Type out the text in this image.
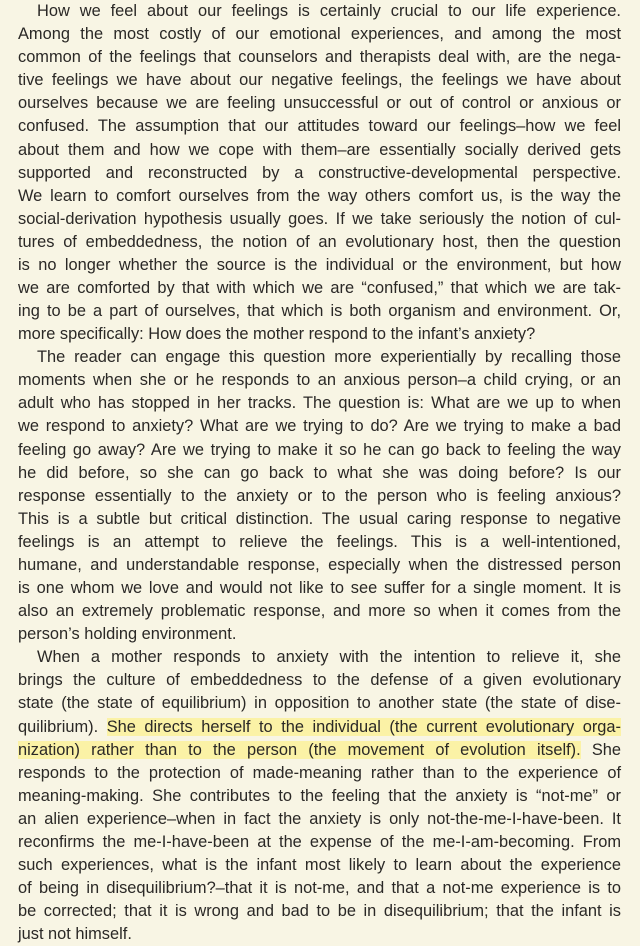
How we feel about our feelings is certainly crucial to our life experience.
Among the most costly of our emotional experiences, and among the most
common of the feelings that counselors and therapists deal with, are the nega-
tive feelings we have about our negative feelings, the feelings we have about
ourselves because we are feeling unsuccessful or out of control or anxious or
confused. The assumption that our attitudes toward our feelings–how we feel
about them and how we cope with them–are essentially socially derived gets
supported and reconstructed by a constructive-developmental perspective.
We learn to comfort ourselves from the way others comfort us, is the way the
social-derivation hypothesis usually goes. If we take seriously the notion of cul-
tures of embeddedness, the notion of an evolutionary host, then the question
is no longer whether the source is the individual or the environment, but how
we are comforted by that with which we are “confused,” that which we are tak-
ing to be a part of ourselves, that which is both organism and environment. Or,
more specifically: How does the mother respond to the infant’s anxiety?
The reader can engage this question more experientially by recalling those
moments when she or he responds to an anxious person–a child crying, or an
adult who has stopped in her tracks. The question is: What are we up to when
we respond to anxiety? What are we trying to do? Are we trying to make a bad
feeling go away? Are we trying to make it so he can go back to feeling the way
he did before, so she can go back to what she was doing before? Is our
response essentially to the anxiety or to the person who is feeling anxious?
This is a subtle but critical distinction. The usual caring response to negative
feelings is an attempt to relieve the feelings. This is a well-intentioned,
humane, and understandable response, especially when the distressed person
is one whom we love and would not like to see suffer for a single moment. It is
also an extremely problematic response, and more so when it comes from the
person’s holding environment.
When a mother responds to anxiety with the intention to relieve it, she
brings the culture of embeddedness to the defense of a given evolutionary
state (the state of equilibrium) in opposition to another state (the state of dise-
quilibrium). She directs herself to the individual (the current evolutionary orga-
nization) rather than to the person (the movement of evolution itself). She
responds to the protection of made-meaning rather than to the experience of
meaning-making. She contributes to the feeling that the anxiety is “not-me” or
an alien experience–when in fact the anxiety is only not-the-me-I-have-been. It
reconfirms the me-I-have-been at the expense of the me-I-am-becoming. From
such experiences, what is the infant most likely to learn about the experience
of being in disequilibrium?–that it is not-me, and that a not-me experience is to
be corrected; that it is wrong and bad to be in disequilibrium; that the infant is
just not himself.
